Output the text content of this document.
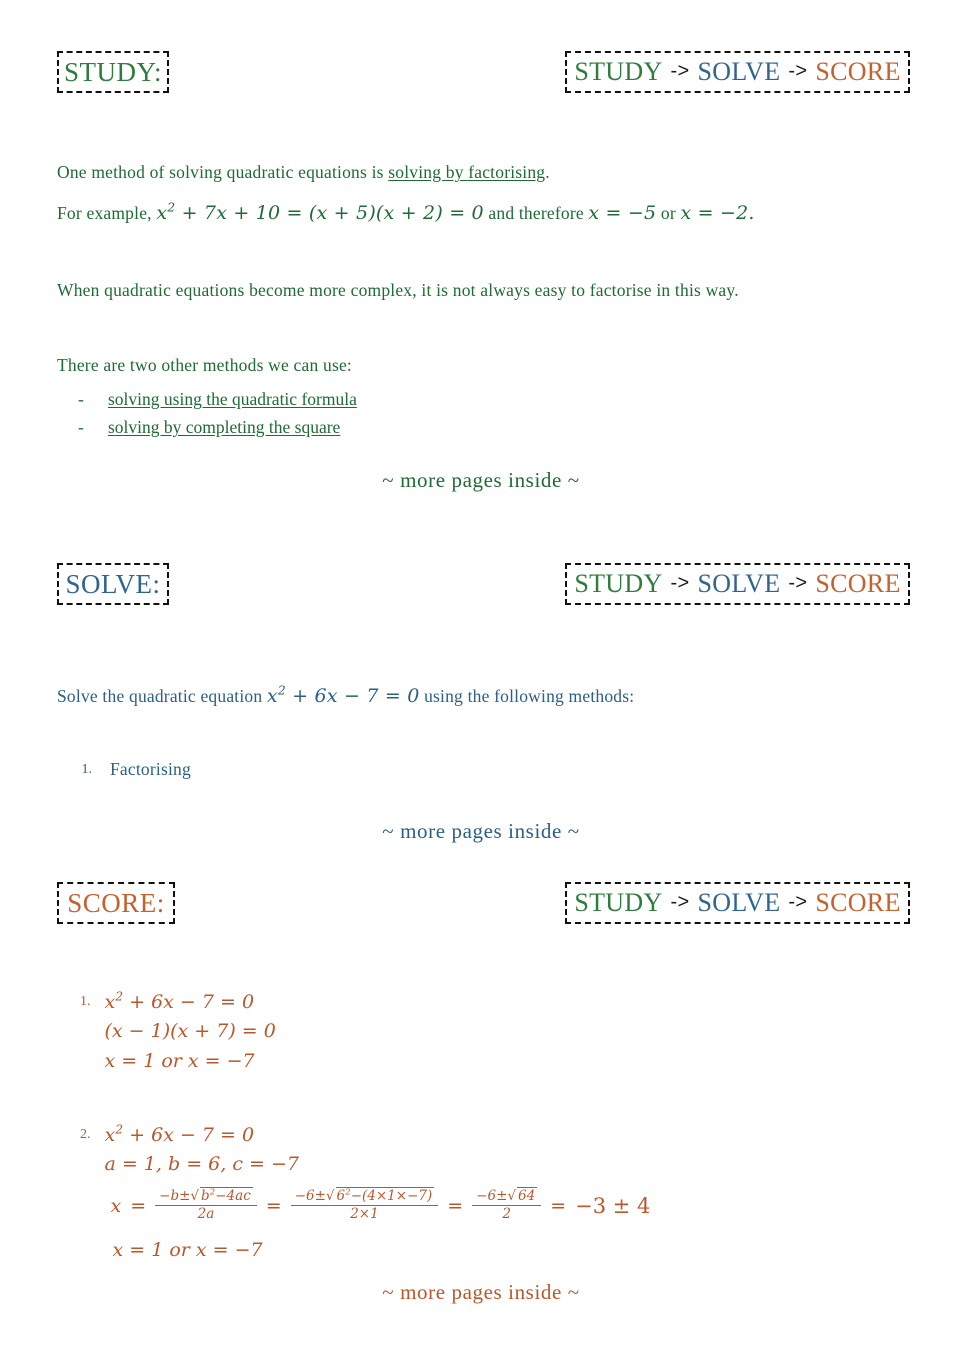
STUDY:	STUDY -> SOLVE -> SCORE
One method of solving quadratic equations is solving by factorising.
For example, $x^2 + 7x + 10 = (x + 5)(x + 2) = 0$ and therefore x = −5 or x = −2.
When quadratic equations become more complex, it is not always easy to factorise in this way.
There are two other methods we can use:
- solving using the quadratic formula
- solving by completing the square
~ more pages inside ~
SOLVE:	STUDY -> SOLVE -> SCORE
Solve the quadratic equation $x^2 + 6x - 7 = 0$ using the following methods:
1. Factorising
~ more pages inside ~
SCORE:	STUDY -> SOLVE -> SCORE
1. $x^2 + 6x - 7 = 0$
(x − 1)(x + 7) = 0
x = 1 or x = −7
2. $x^2 + 6x - 7 = 0$
a = 1, b = 6, c = −7
$x = \frac{-b\pm√ b^2-4ac}{2a} = \frac{-6\pm√ 6^2-(4\times 1\times-7)}{2\times 1} = \frac{-6\pm√ 64}{2} = -3 \pm 4$
x = 1 or x = −7
~ more pages inside ~
